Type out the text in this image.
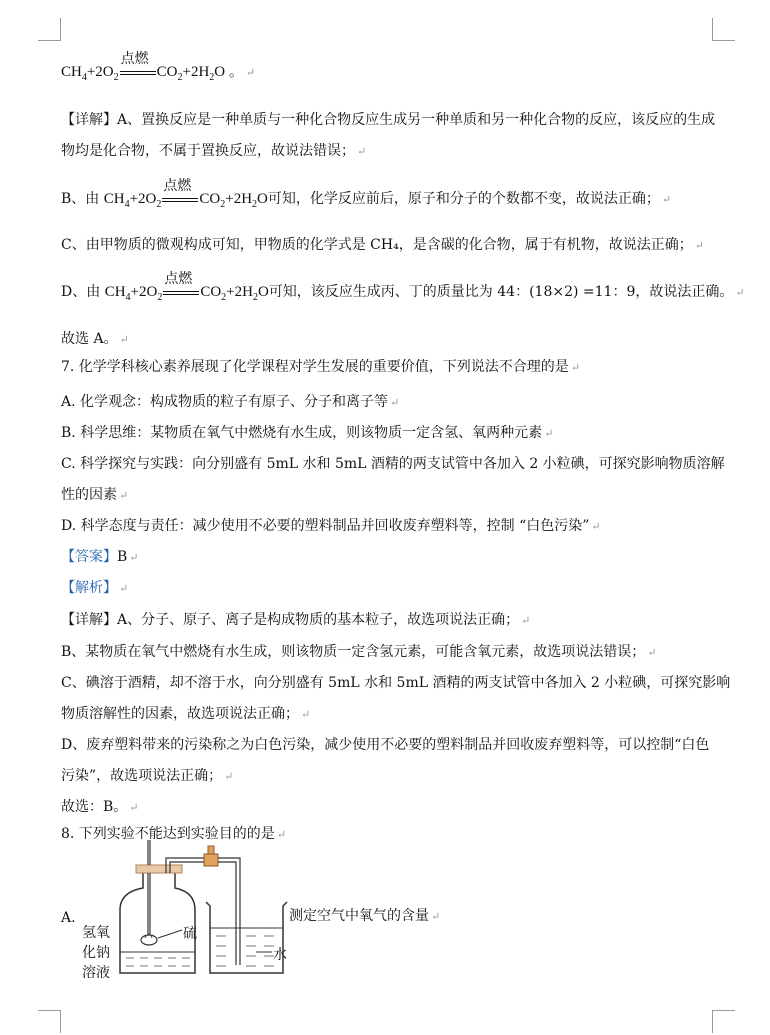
$CH_4+2O_2$
点燃
$CO_2+2H_2O$ 。 ↵
【详解】A、置换反应是一种单质与一种化合物反应生成另一种单质和另一种化合物的反应，该反应的生成
物均是化合物，不属于置换反应，故说法错误； ↵
B、由 $CH_4+2O_2$
点燃
$CO_2+2H_2O$可知，化学反应前后，原子和分子的个数都不变，故说法正确； ↵
C、由甲物质的微观构成可知，甲物质的化学式是 CH₄，是含碳的化合物，属于有机物，故说法正确； ↵
D、由 $CH_4+2O_2$
点燃
$CO_2+2H_2O$可知，该反应生成丙、丁的质量比为 44：(18×2) =11：9，故说法正确。 ↵
故选 A。 ↵
7. 化学学科核心素养展现了化学课程对学生发展的重要价值，下列说法不合理的是 ↵
A. 化学观念：构成物质的粒子有原子、分子和离子等 ↵
B. 科学思维：某物质在氧气中燃烧有水生成，则该物质一定含氢、氧两种元素 ↵
C. 科学探究与实践：向分别盛有 5mL 水和 5mL 酒精的两支试管中各加入 2 小粒碘，可探究影响物质溶解
性的因素 ↵
D. 科学态度与责任：减少使用不必要的塑料制品并回收废弃塑料等，控制 “白色污染” ↵
【答案】B ↵
【解析】 ↵
【详解】A、分子、原子、离子是构成物质的基本粒子，故选项说法正确； ↵
B、某物质在氧气中燃烧有水生成，则该物质一定含氢元素，可能含氧元素，故选项说法错误； ↵
C、碘溶于酒精，却不溶于水，向分别盛有 5mL 水和 5mL 酒精的两支试管中各加入 2 小粒碘，可探究影响
物质溶解性的因素，故选项说法正确； ↵
D、废弃塑料带来的污染称之为白色污染，减少使用不必要的塑料制品并回收废弃塑料等，可以控制“白色
污染”，故选项说法正确； ↵
故选：B。 ↵
8. 下列实验不能达到实验目的的是 ↵
A.
氢氧
化钠
溶液
硫
水
测定空气中氧气的含量 ↵
